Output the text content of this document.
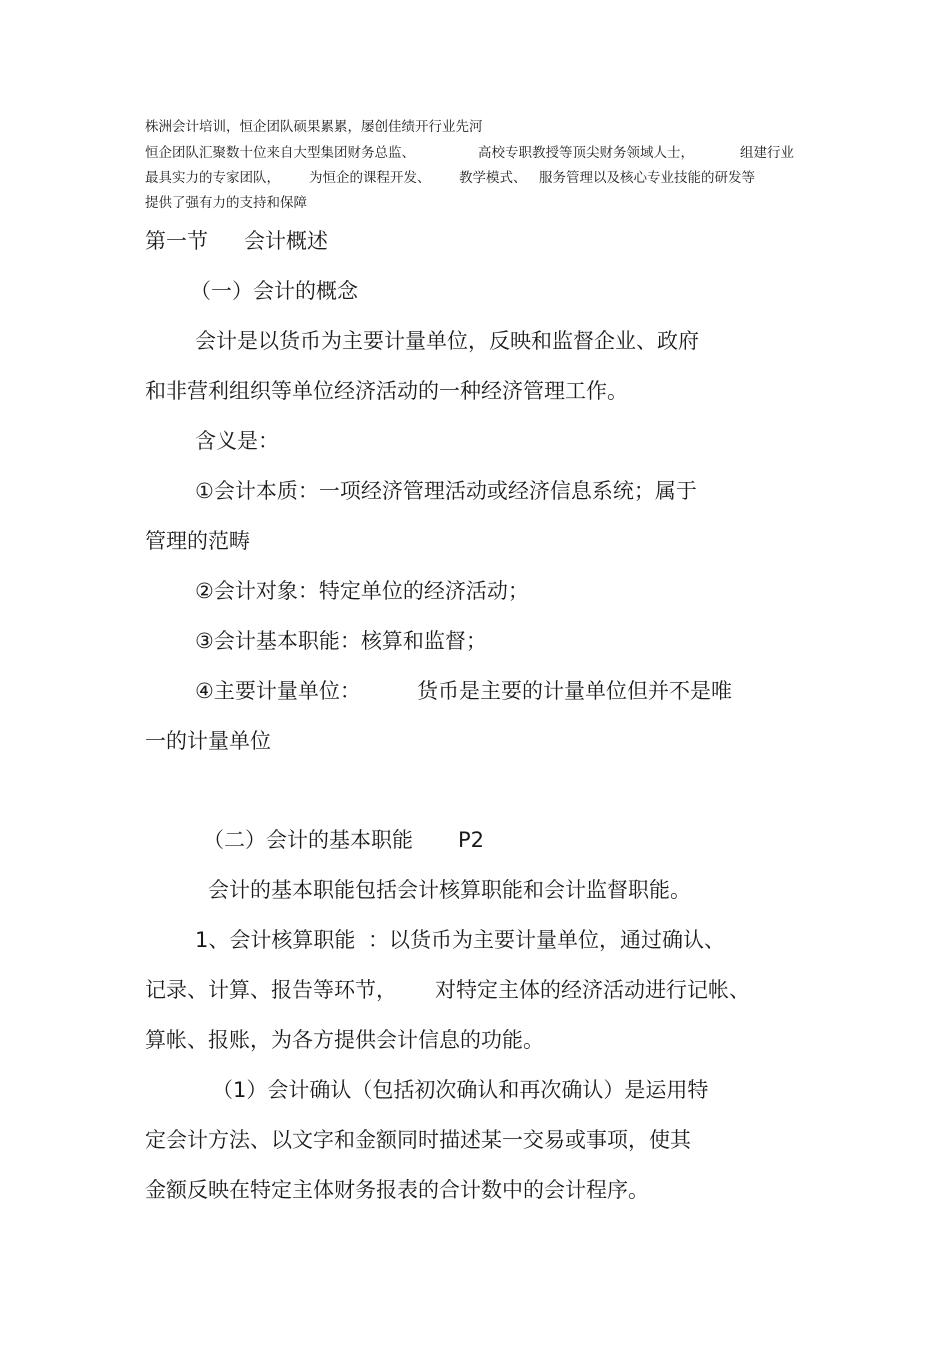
株洲会计培训，恒企团队硕果累累，屡创佳绩开行业先河
恒企团队汇聚数十位来自大型集团财务总监、	高校专职教授等顶尖财务领域人士，	组建行业
最具实力的专家团队， 为恒企的课程开发、 教学模式、 服务管理以及核心专业技能的研发等
提供了强有力的支持和保障
第一节 会计概述
（一）会计的概念
会计是以货币为主要计量单位，反映和监督企业、政府
和非营利组织等单位经济活动的一种经济管理工作。
含义是：
①会计本质：一项经济管理活动或经济信息系统；属于
管理的范畴
②会计对象：特定单位的经济活动；
③会计基本职能：核算和监督；
④主要计量单位：	货币是主要的计量单位但并不是唯
一的计量单位
（二）会计的基本职能 P2
会计的基本职能包括会计核算职能和会计监督职能。
1、会计核算职能 ：以货币为主要计量单位，通过确认、
记录、计算、报告等环节， 对特定主体的经济活动进行记帐、
算帐、报账，为各方提供会计信息的功能。
（1）会计确认（包括初次确认和再次确认）是运用特
定会计方法、以文字和金额同时描述某一交易或事项，使其
金额反映在特定主体财务报表的合计数中的会计程序。
